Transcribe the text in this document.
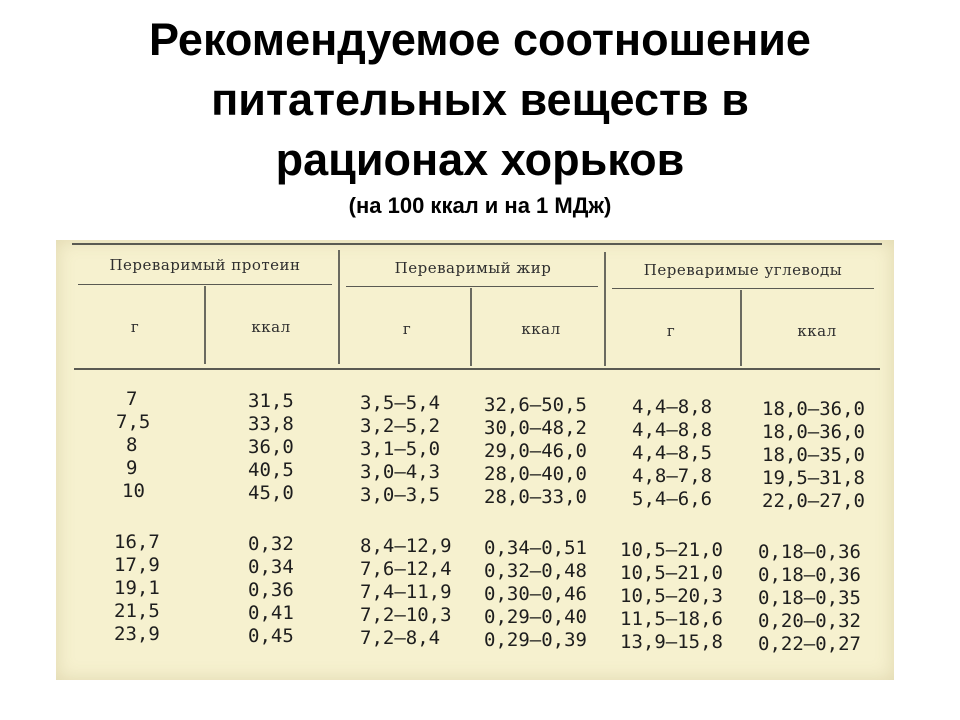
Рекомендуемое соотношение
питательных веществ в
рационах хорьков
(на 100 ккал и на 1 МДж)
Переваримый протеин	Переваримый жир	Переваримые углеводы
г	ккал	г	ккал	г	ккал
7	31,5	3,5—5,4 32,6—50,5 4,4—8,8	18,0—36,0
7,5	33,8	3,2—5,2 30,0—48,2 4,4—8,8	18,0—36,0
8	36,0	3,1—5,0 29,0—46,0 4,4—8,5	18,0—35,0
9	40,5	3,0—4,3 28,0—40,0 4,8—7,8	19,5—31,8
10	45,0	3,0—3,5 28,0—33,0 5,4—6,6	22,0—27,0
16,7	0,32	8,4—12,9 0,34—0,51 10,5—21,0 0,18—0,36
17,9	0,34	7,6—12,4 0,32—0,48 10,5—21,0 0,18—0,36
19,1	0,36	7,4—11,9 0,30—0,46 10,5—20,3 0,18—0,35
21,5	0,41	7,2—10,3 0,29—0,40 11,5—18,6 0,20—0,32
23,9	0,45	7,2—8,4 0,29—0,39 13,9—15,8 0,22—0,27
